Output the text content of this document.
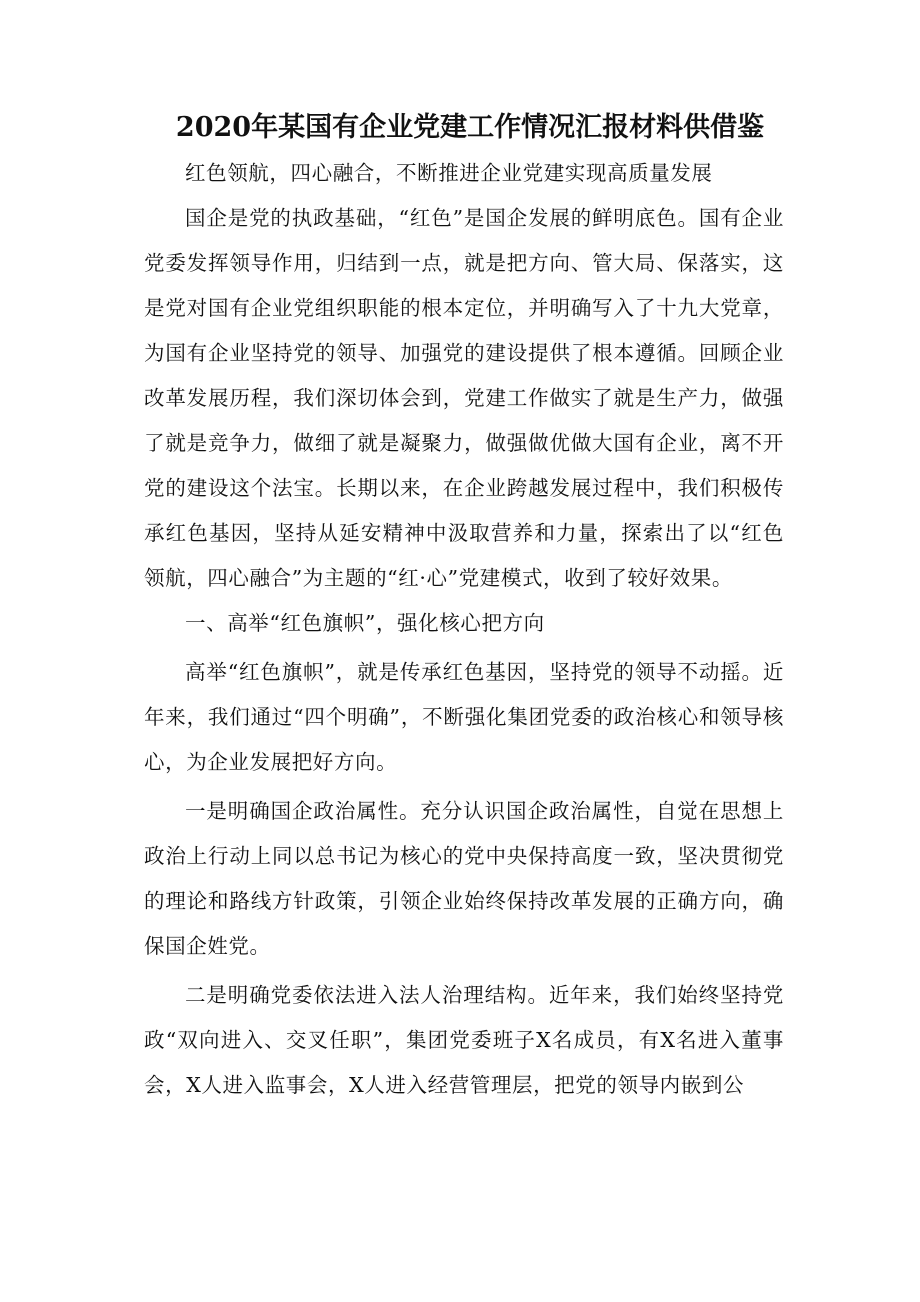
2020年某国有企业党建工作情况汇报材料供借鉴

红色领航，四心融合，不断推进企业党建实现高质量发展

国企是党的执政基础，“红色”是国企发展的鲜明底色。国有企业党委发挥领导作用，归结到一点，就是把方向、管大局、保落实，这是党对国有企业党组织职能的根本定位，并明确写入了十九大党章，为国有企业坚持党的领导、加强党的建设提供了根本遵循。回顾企业改革发展历程，我们深切体会到，党建工作做实了就是生产力，做强了就是竞争力，做细了就是凝聚力，做强做优做大国有企业，离不开党的建设这个法宝。长期以来，在企业跨越发展过程中，我们积极传承红色基因，坚持从延安精神中汲取营养和力量，探索出了以“红色领航，四心融合”为主题的“红·心”党建模式，收到了较好效果。

一、高举“红色旗帜”，强化核心把方向

高举“红色旗帜”，就是传承红色基因，坚持党的领导不动摇。近年来，我们通过“四个明确”，不断强化集团党委的政治核心和领导核心，为企业发展把好方向。

一是明确国企政治属性。充分认识国企政治属性，自觉在思想上政治上行动上同以总书记为核心的党中央保持高度一致，坚决贯彻党的理论和路线方针政策，引领企业始终保持改革发展的正确方向，确保国企姓党。

二是明确党委依法进入法人治理结构。近年来，我们始终坚持党政“双向进入、交叉任职”，集团党委班子X名成员，有X名进入董事会，X人进入监事会，X人进入经营管理层，把党的领导内嵌到公
